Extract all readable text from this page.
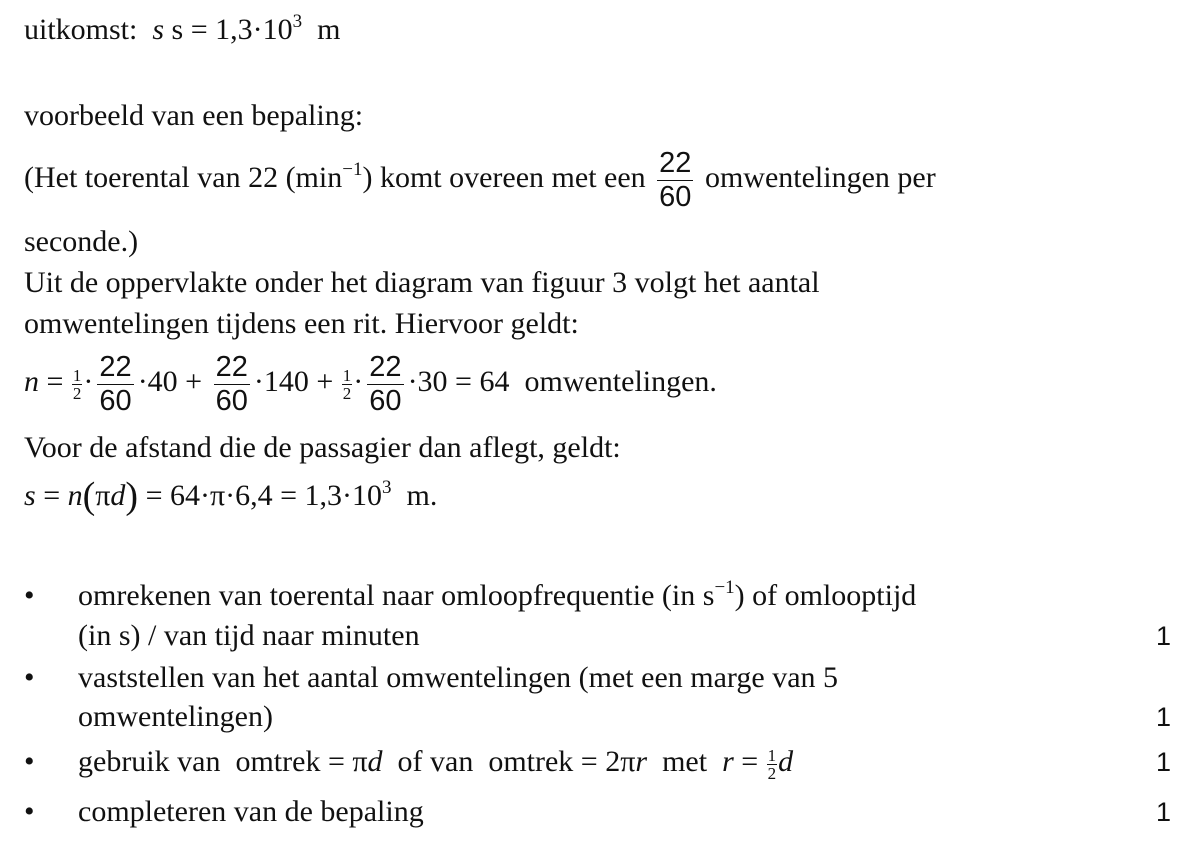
uitkomst: s $s = 1,3\cdot 10^3$ m
voorbeeld van een bepaling:
(Het toerental van 22 $(\min^{-1})$ komt overeen met een $\frac{22}{60}$ omwentelingen per
seconde.)
Uit de oppervlakte onder het diagram van figuur 3 volgt het aantal
omwentelingen tijdens een rit. Hiervoor geldt:
$n = \frac{1}{2} \cdot \frac{22}{60} \cdot 40 + \frac{22}{60} \cdot 140 + \frac{1}{2} \cdot \frac{22}{60} \cdot 30 = 64$ omwentelingen.
Voor de afstand die de passagier dan aflegt, geldt:
$s = n(\pi d) = 64\cdot\pi\cdot 6,4 = 1,3\cdot 10^3$ m.
•	omrekenen van toerental naar omloopfrequentie (in $s^{-1}$) of omlooptijd
(in s) / van tijd naar minuten	1
•	vaststellen van het aantal omwentelingen (met een marge van 5
omwentelingen)	1
•	gebruik van omtrek = πd of van omtrek = 2πr met $r = \frac{1}{2}$ d	1
•	completeren van de bepaling	1
